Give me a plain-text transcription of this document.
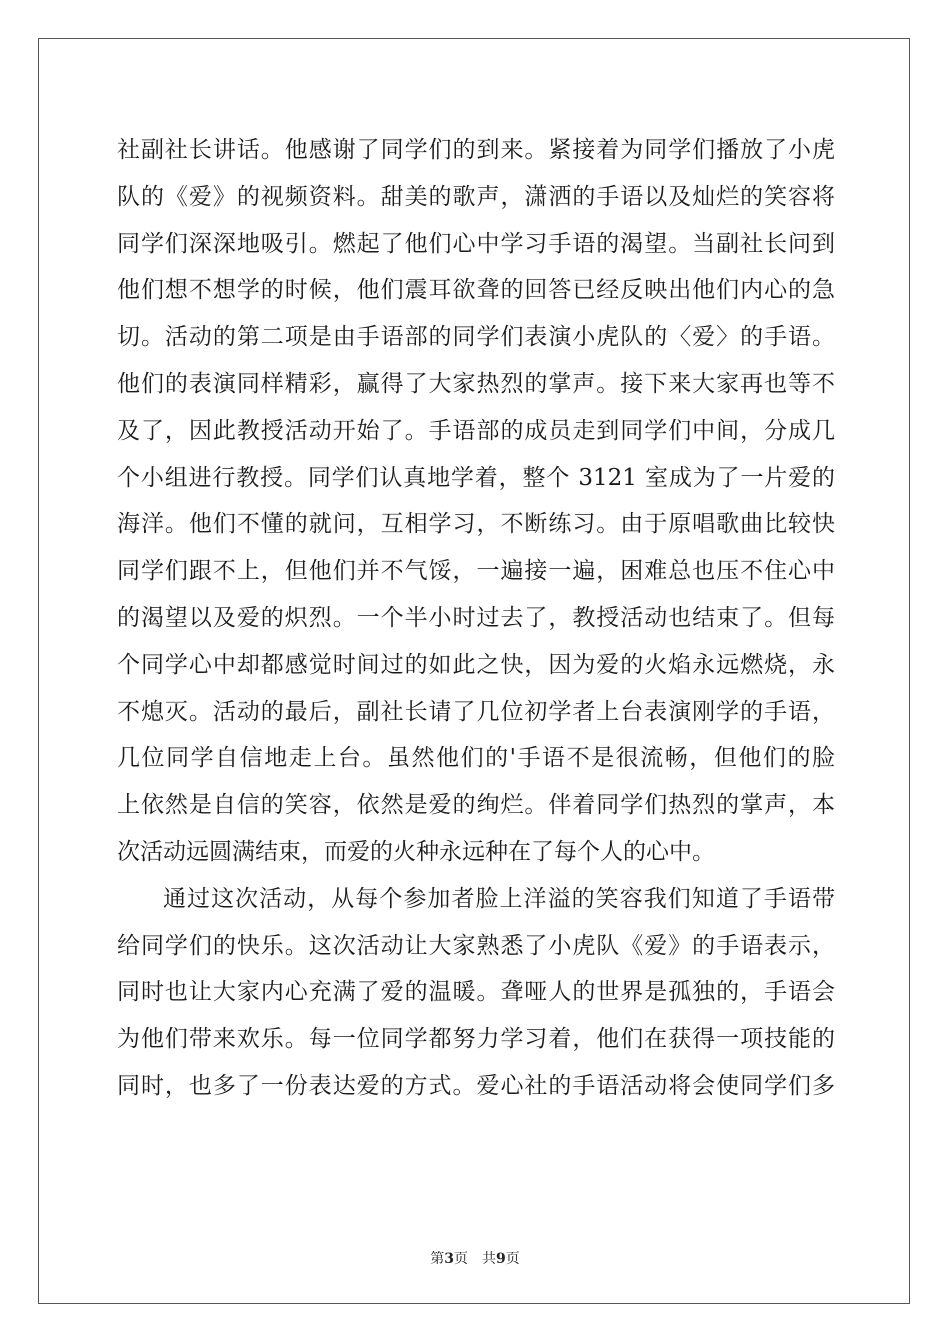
社副社长讲话。他感谢了同学们的到来。紧接着为同学们播放了小虎
队的《爱》的视频资料。甜美的歌声，潇洒的手语以及灿烂的笑容将
同学们深深地吸引。燃起了他们心中学习手语的渴望。当副社长问到
他们想不想学的时候，他们震耳欲聋的回答已经反映出他们内心的急
切。活动的第二项是由手语部的同学们表演小虎队的〈爱〉的手语。
他们的表演同样精彩，赢得了大家热烈的掌声。接下来大家再也等不
及了，因此教授活动开始了。手语部的成员走到同学们中间，分成几
个小组进行教授。同学们认真地学着，整个 3121 室成为了一片爱的
海洋。他们不懂的就问，互相学习，不断练习。由于原唱歌曲比较快
同学们跟不上，但他们并不气馁，一遍接一遍，困难总也压不住心中
的渴望以及爱的炽烈。一个半小时过去了，教授活动也结束了。但每
个同学心中却都感觉时间过的如此之快，因为爱的火焰永远燃烧，永
不熄灭。活动的最后，副社长请了几位初学者上台表演刚学的手语，
几位同学自信地走上台。虽然他们的'手语不是很流畅，但他们的脸
上依然是自信的笑容，依然是爱的绚烂。伴着同学们热烈的掌声，本
次活动远圆满结束，而爱的火种永远种在了每个人的心中。
通过这次活动，从每个参加者脸上洋溢的笑容我们知道了手语带
给同学们的快乐。这次活动让大家熟悉了小虎队《爱》的手语表示，
同时也让大家内心充满了爱的温暖。聋哑人的世界是孤独的，手语会
为他们带来欢乐。每一位同学都努力学习着，他们在获得一项技能的
同时，也多了一份表达爱的方式。爱心社的手语活动将会使同学们多
第3页 共9页
